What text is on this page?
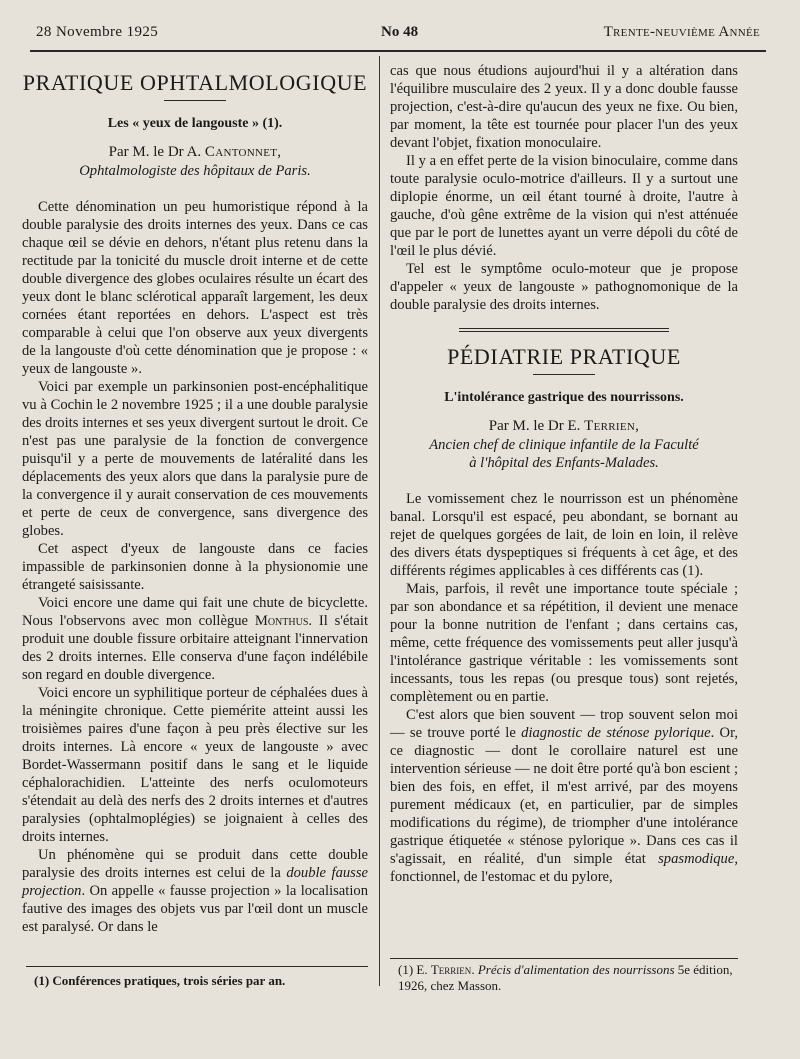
28 Novembre 1925	No 48	Trente-neuvième Année
PRATIQUE OPHTALMOLOGIQUE
Les « yeux de langouste » (1).
Par M. le Dr A. Cantonnet,
Ophtalmologiste des hôpitaux de Paris.

Cette dénomination un peu humoristique répond à la double paralysie des droits internes des yeux. Dans ce cas chaque œil se dévie en dehors, n'étant plus retenu dans la rectitude par la tonicité du muscle droit interne et de cette double divergence des globes oculaires résulte un écart des yeux dont le blanc sclérotical apparaît largement, les deux cornées étant reportées en dehors. L'aspect est très comparable à celui que l'on observe aux yeux divergents de la langouste d'où cette dénomination que je propose : « yeux de langouste ».

Voici par exemple un parkinsonien post-encéphalitique vu à Cochin le 2 novembre 1925 ; il a une double paralysie des droits internes et ses yeux divergent surtout le droit. Ce n'est pas une paralysie de la fonction de convergence puisqu'il y a perte de mouvements de latéralité dans les déplacements des yeux alors que dans la paralysie pure de la convergence il y aurait conservation de ces mouvements et perte de ceux de convergence, sans divergence des globes.

Cet aspect d'yeux de langouste dans ce facies impassible de parkinsonien donne à la physionomie une étrangeté saisissante.

Voici encore une dame qui fait une chute de bicyclette. Nous l'observons avec mon collègue Monthus. Il s'était produit une double fissure orbitaire atteignant l'innervation des 2 droits internes. Elle conserva d'une façon indélébile son regard en double divergence.

Voici encore un syphilitique porteur de céphalées dues à la méningite chronique. Cette piemérite atteint aussi les troisièmes paires d'une façon à peu près élective sur les droits internes. Là encore « yeux de langouste » avec Bordet-Wassermann positif dans le sang et le liquide céphalorachidien. L'atteinte des nerfs oculomoteurs s'étendait au delà des nerfs des 2 droits internes et d'autres paralysies (ophtalmoplégies) se joignaient à celles des droits internes.

Un phénomène qui se produit dans cette double paralysie des droits internes est celui de la double fausse projection. On appelle « fausse projection » la localisation fautive des images des objets vus par l'œil dont un muscle est paralysé. Or dans le

(1) Conférences pratiques, trois séries par an.

cas que nous étudions aujourd'hui il y a altération dans l'équilibre musculaire des 2 yeux. Il y a donc double fausse projection, c'est-à-dire qu'aucun des yeux ne fixe. Ou bien, par moment, la tête est tournée pour placer l'un des yeux devant l'objet, fixation monoculaire.

Il y a en effet perte de la vision binoculaire, comme dans toute paralysie oculo-motrice d'ailleurs. Il y a surtout une diplopie énorme, un œil étant tourné à droite, l'autre à gauche, d'où gêne extrême de la vision qui n'est atténuée que par le port de lunettes ayant un verre dépoli du côté de l'œil le plus dévié.

Tel est le symptôme oculo-moteur que je propose d'appeler « yeux de langouste » pathognomonique de la double paralysie des droits internes.

PÉDIATRIE PRATIQUE
L'intolérance gastrique des nourrissons.
Par M. le Dr E. Terrien,
Ancien chef de clinique infantile de la Faculté
à l'hôpital des Enfants-Malades.

Le vomissement chez le nourrisson est un phénomène banal. Lorsqu'il est espacé, peu abondant, se bornant au rejet de quelques gorgées de lait, de loin en loin, il relève des divers états dyspeptiques si fréquents à cet âge, et des différents régimes applicables à ces différents cas (1).

Mais, parfois, il revêt une importance toute spéciale ; par son abondance et sa répétition, il devient une menace pour la bonne nutrition de l'enfant ; dans certains cas, même, cette fréquence des vomissements peut aller jusqu'à l'intolérance gastrique véritable : les vomissements sont incessants, tous les repas (ou presque tous) sont rejetés, complètement ou en partie.

C'est alors que bien souvent — trop souvent selon moi — se trouve porté le diagnostic de sténose pylorique. Or, ce diagnostic — dont le corollaire naturel est une intervention sérieuse — ne doit être porté qu'à bon escient ; bien des fois, en effet, il m'est arrivé, par des moyens purement médicaux (et, en particulier, par de simples modifications du régime), de triompher d'une intolérance gastrique étiquetée « sténose pylorique ». Dans ces cas il s'agissait, en réalité, d'un simple état spasmodique, fonctionnel, de l'estomac et du pylore,

(1) E. Terrien. Précis d'alimentation des nourrissons 5e édition, 1926, chez Masson.
